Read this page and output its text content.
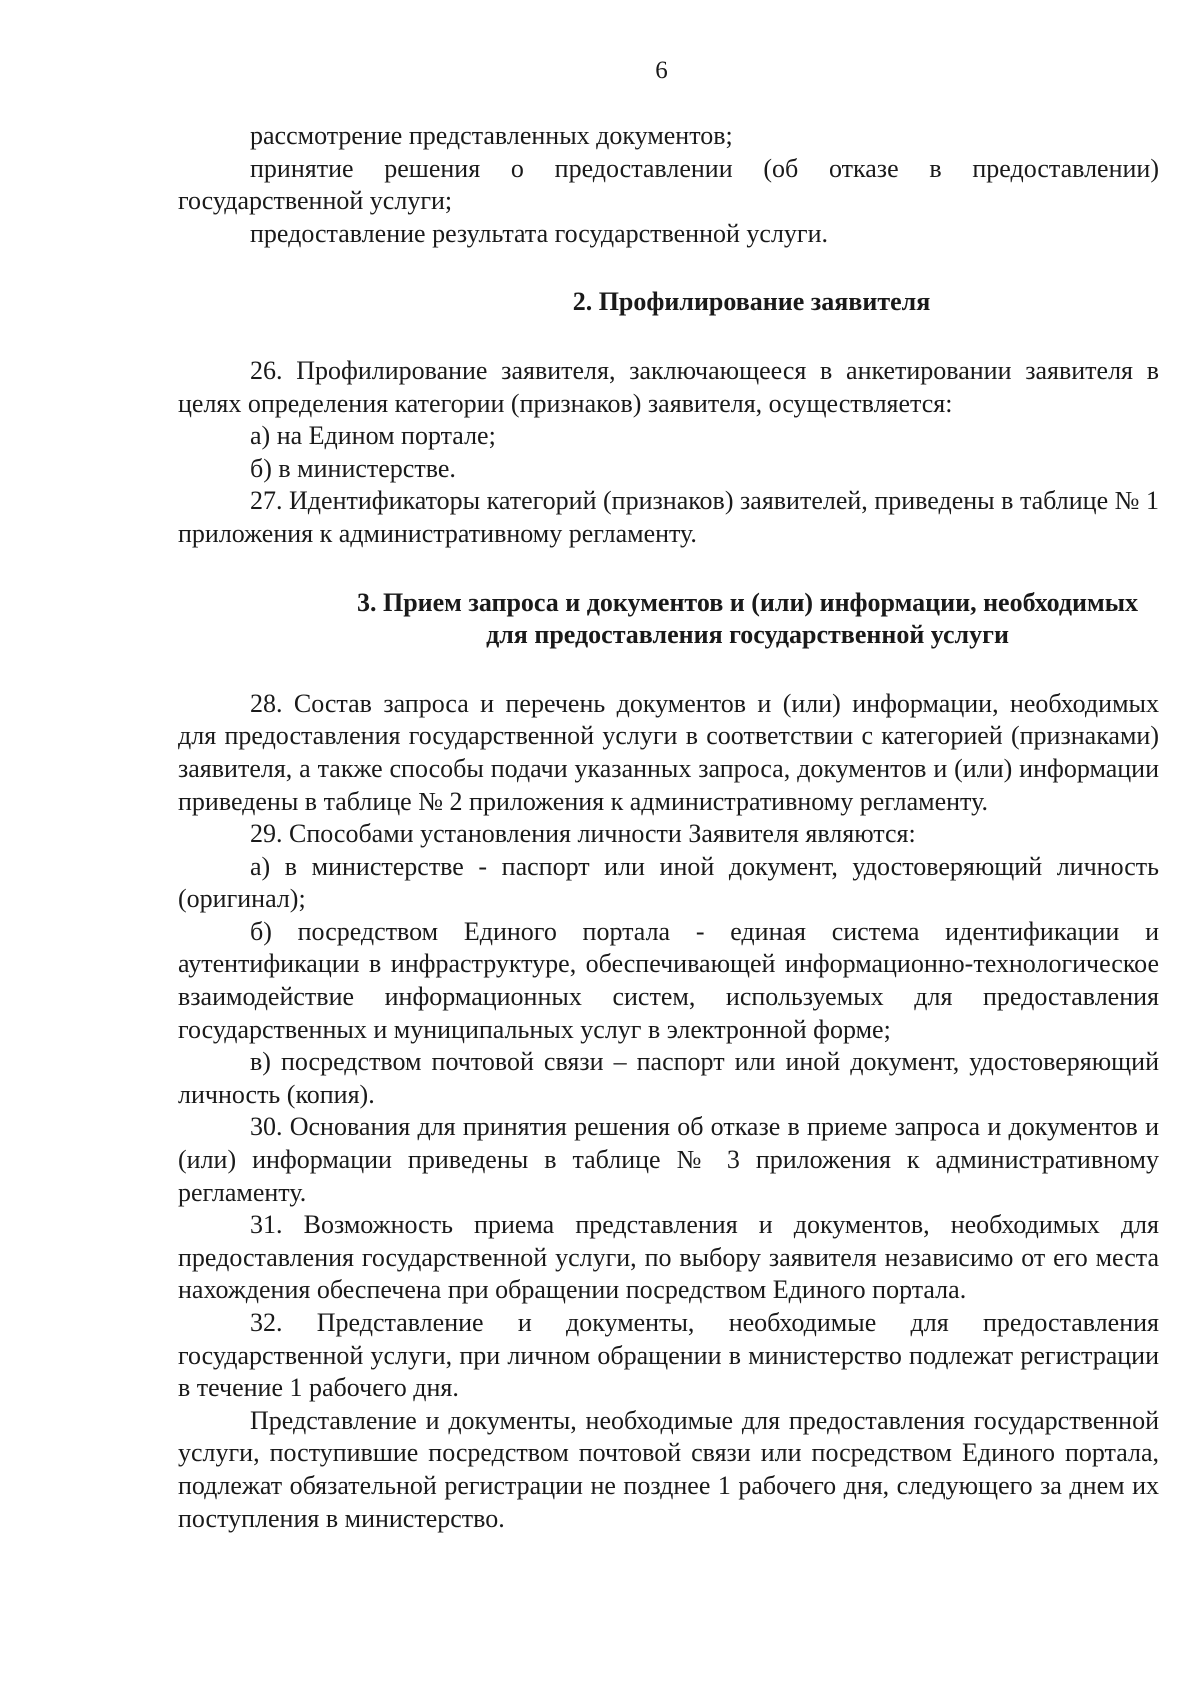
6

рассмотрение представленных документов;

принятие решения о предоставлении (об отказе в предоставлении) государственной услуги;

предоставление результата государственной услуги.

2. Профилирование заявителя

26. Профилирование заявителя, заключающееся в анкетировании заявителя в целях определения категории (признаков) заявителя, осуществляется:

а) на Едином портале;

б) в министерстве.

27. Идентификаторы категорий (признаков) заявителей, приведены в таблице № 1 приложения к административному регламенту.

3. Прием запроса и документов и (или) информации, необходимых
для предоставления государственной услуги

28. Состав запроса и перечень документов и (или) информации, необходимых для предоставления государственной услуги в соответствии с категорией (признаками) заявителя, а также способы подачи указанных запроса, документов и (или) информации приведены в таблице № 2 приложения к административному регламенту.

29. Способами установления личности Заявителя являются:

а) в министерстве - паспорт или иной документ, удостоверяющий личность (оригинал);

б) посредством Единого портала - единая система идентификации и аутентификации в инфраструктуре, обеспечивающей информационно-технологическое взаимодействие информационных систем, используемых для предоставления государственных и муниципальных услуг в электронной форме;

в) посредством почтовой связи – паспорт или иной документ, удостоверяющий личность (копия).

30. Основания для принятия решения об отказе в приеме запроса и документов и (или) информации приведены в таблице № 3 приложения к административному регламенту.

31. Возможность приема представления и документов, необходимых для предоставления государственной услуги, по выбору заявителя независимо от его места нахождения обеспечена при обращении посредством Единого портала.

32. Представление и документы, необходимые для предоставления государственной услуги, при личном обращении в министерство подлежат регистрации в течение 1 рабочего дня.

Представление и документы, необходимые для предоставления государственной услуги, поступившие посредством почтовой связи или посредством Единого портала, подлежат обязательной регистрации не позднее 1 рабочего дня, следующего за днем их поступления в министерство.
